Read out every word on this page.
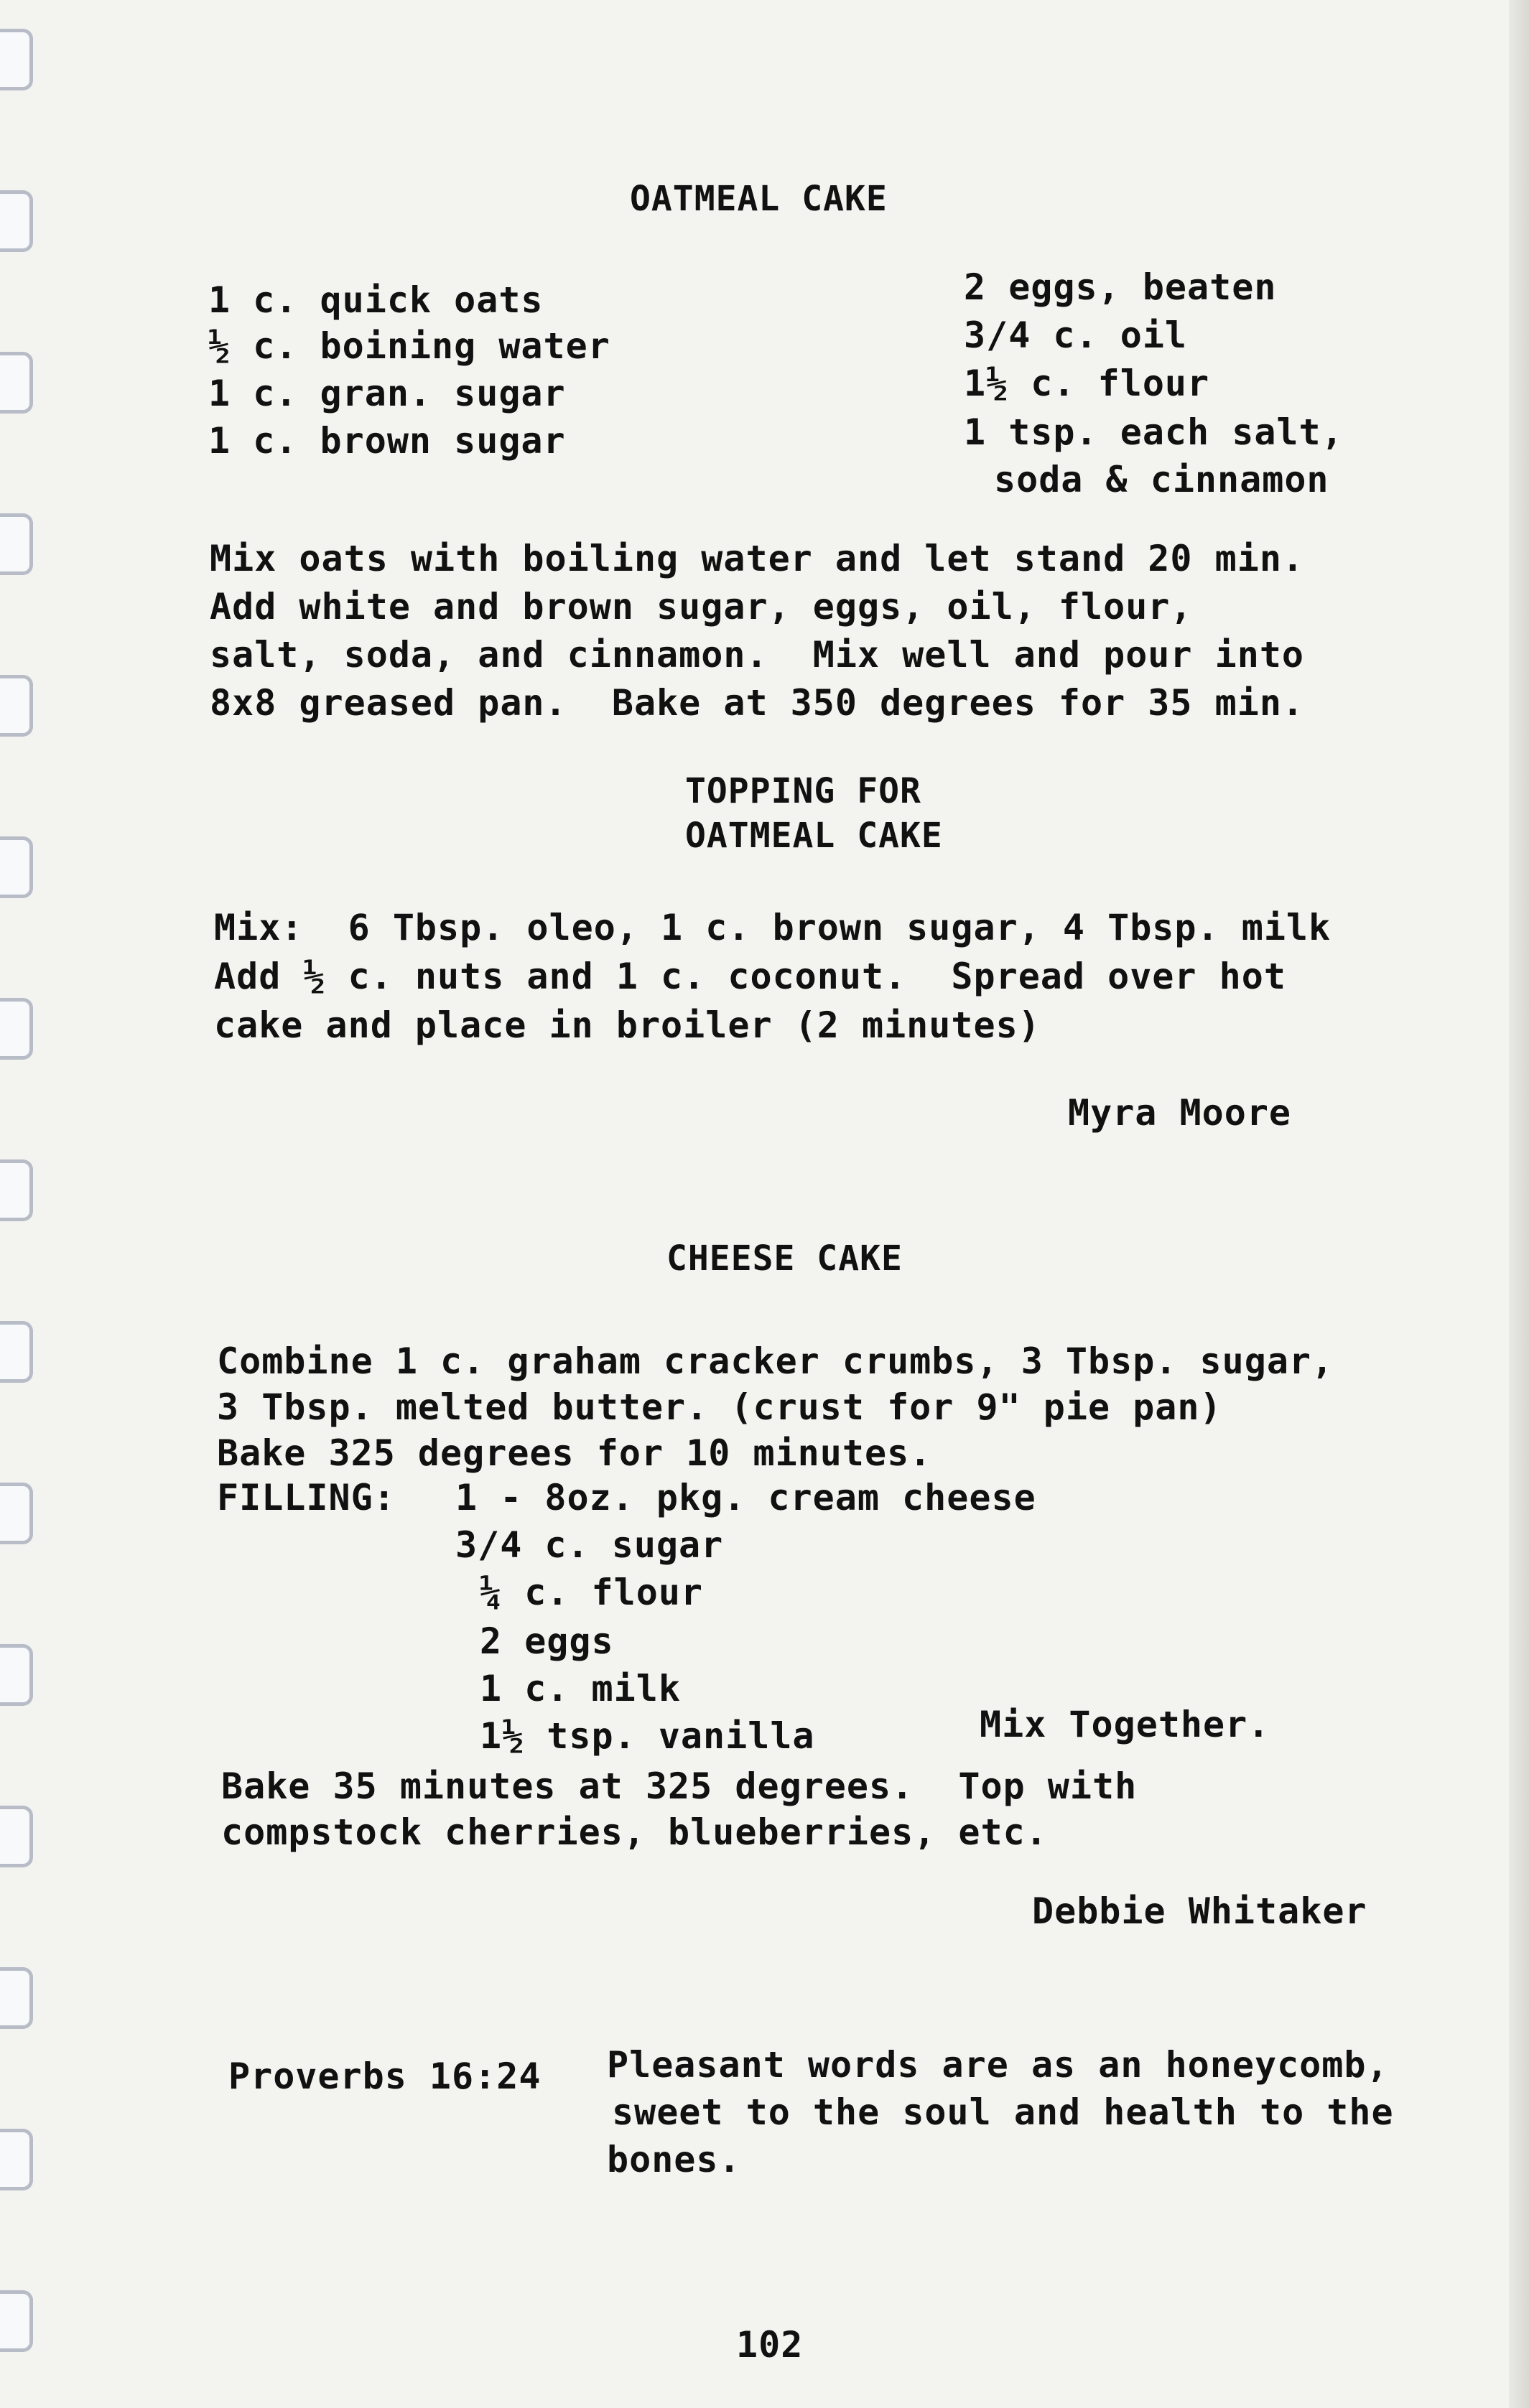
OATMEAL CAKE
1 c. quick oats
½ c. boining water
1 c. gran. sugar
1 c. brown sugar
2 eggs, beaten
3/4 c. oil
1½ c. flour
1 tsp. each salt,
soda & cinnamon
Mix oats with boiling water and let stand 20 min.
Add white and brown sugar, eggs, oil, flour,
salt, soda, and cinnamon.  Mix well and pour into
8x8 greased pan.  Bake at 350 degrees for 35 min.
TOPPING FOR
OATMEAL CAKE
Mix:  6 Tbsp. oleo, 1 c. brown sugar, 4 Tbsp. milk
Add ½ c. nuts and 1 c. coconut.  Spread over hot
cake and place in broiler (2 minutes)
Myra Moore
CHEESE CAKE
Combine 1 c. graham cracker crumbs, 3 Tbsp. sugar,
3 Tbsp. melted butter. (crust for 9" pie pan)
Bake 325 degrees for 10 minutes.
FILLING: 1 - 8oz. pkg. cream cheese
3/4 c. sugar
¼ c. flour
2 eggs
1 c. milk
1½ tsp. vanilla	Mix Together.
Bake 35 minutes at 325 degrees.  Top with
compstock cherries, blueberries, etc.
Debbie Whitaker
Proverbs 16:24 Pleasant words are as an honeycomb,
sweet to the soul and health to the
bones.
102
